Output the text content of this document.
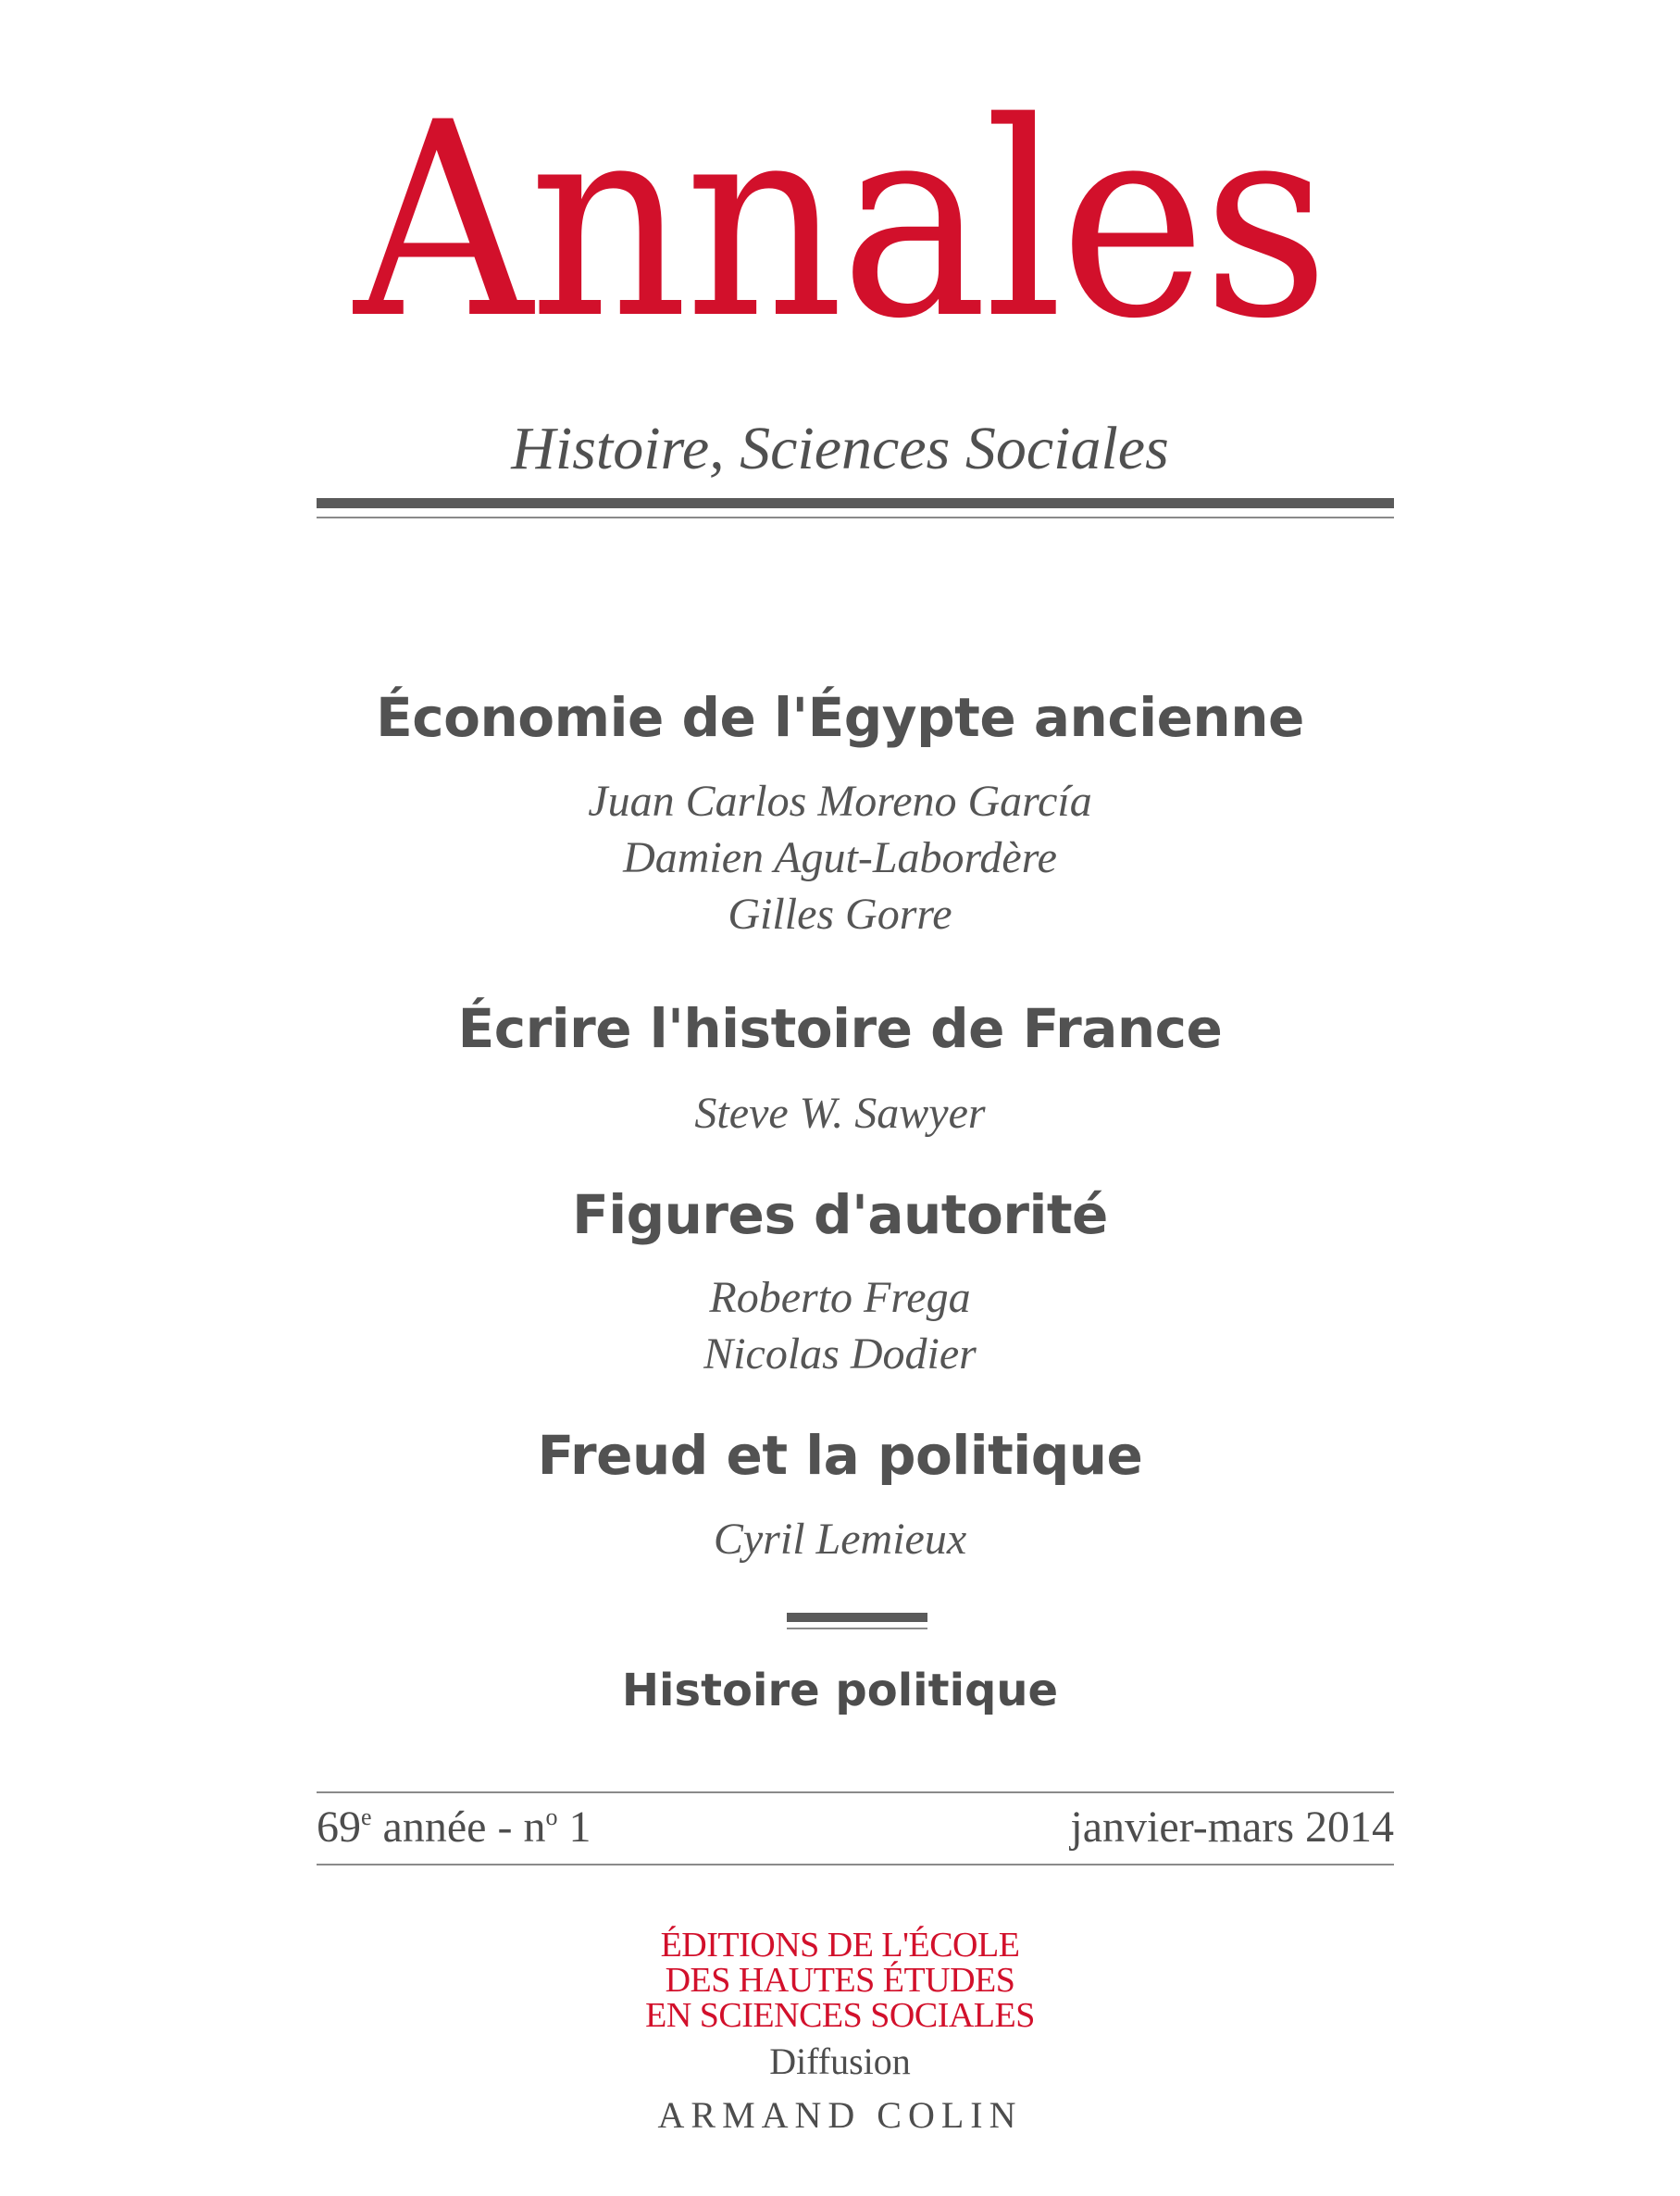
Annales
Histoire, Sciences Sociales
Économie de l'Égypte ancienne
Juan Carlos Moreno García
Damien Agut-Labordère
Gilles Gorre
Écrire l'histoire de France
Steve W. Sawyer
Figures d'autorité
Roberto Frega
Nicolas Dodier
Freud et la politique
Cyril Lemieux
Histoire politique
69e année - $n^o$ 1	janvier-mars 2014
ÉDITIONS DE L'ÉCOLE
DES HAUTES ÉTUDES
EN SCIENCES SOCIALES
Diffusion
ARMAND COLIN
